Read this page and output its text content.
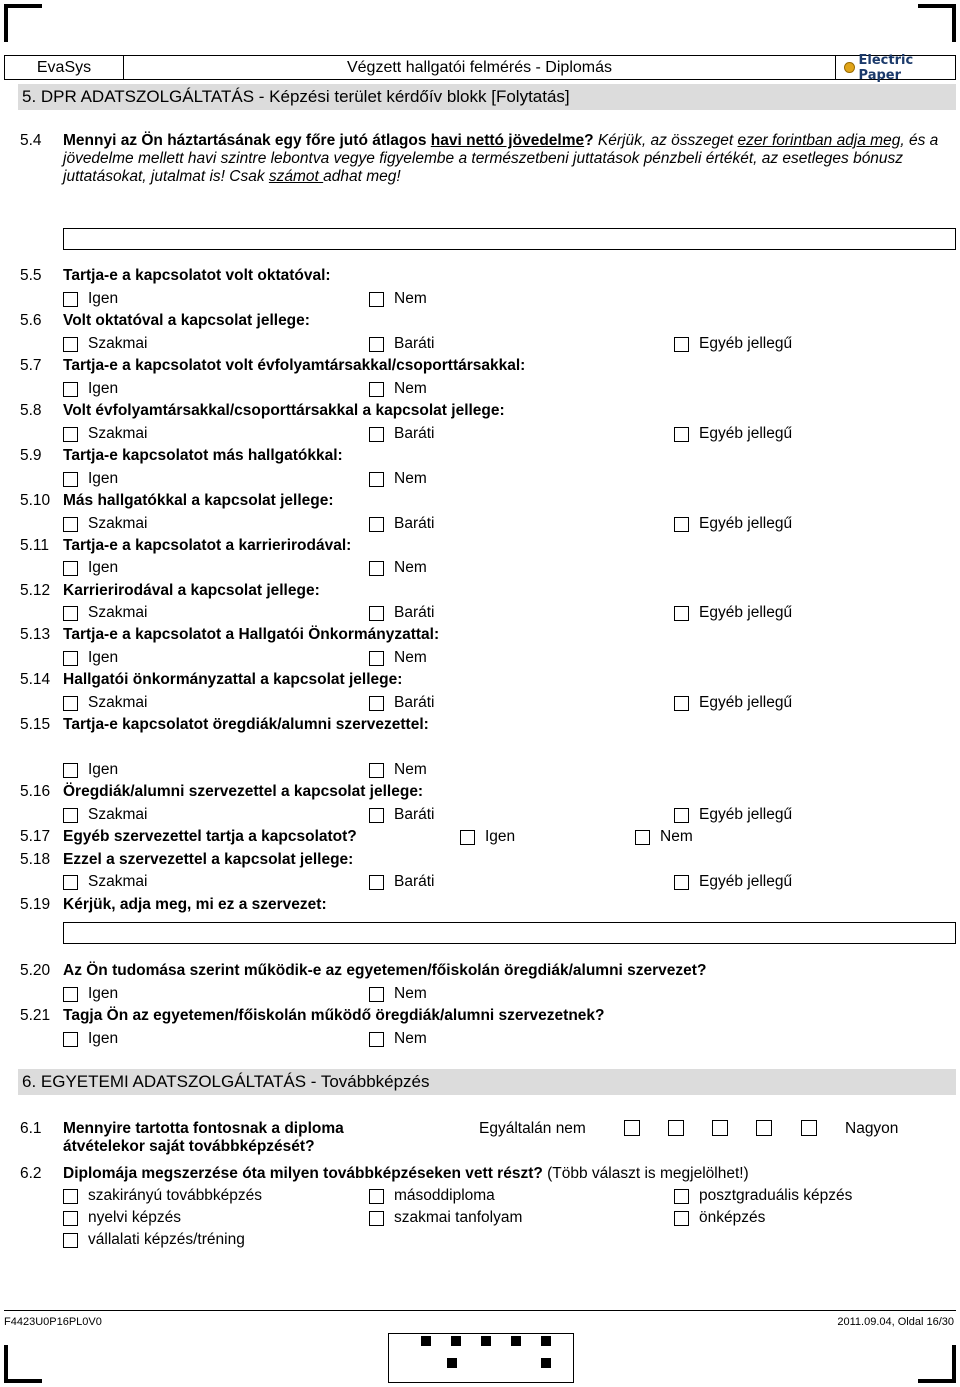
EvaSys	Végzett hallgatói felmérés - Diplomás	Electric Paper
5. DPR ADATSZOLGÁLTATÁS - Képzési terület kérdőív blokk [Folytatás]
5.4 Mennyi az Ön háztartásának egy főre jutó átlagos havi nettó jövedelme? Kérjük, az összeget ezer forintban adja meg, és a jövedelme mellett havi szintre lebontva vegye figyelembe a természetbeni juttatások pénzbeli értékét, az esetleges bónusz juttatásokat, jutalmat is! Csak számot adhat meg!
5.5 Tartja-e a kapcsolatot volt oktatóval:
Igen	Nem
5.6 Volt oktatóval a kapcsolat jellege:
Szakmai	Baráti	Egyéb jellegű
5.7 Tartja-e a kapcsolatot volt évfolyamtársakkal/csoporttársakkal:
Igen	Nem
5.8 Volt évfolyamtársakkal/csoporttársakkal a kapcsolat jellege:
Szakmai	Baráti	Egyéb jellegű
5.9 Tartja-e kapcsolatot más hallgatókkal:
Igen	Nem
5.10 Más hallgatókkal a kapcsolat jellege:
Szakmai	Baráti	Egyéb jellegű
5.11 Tartja-e a kapcsolatot a karrierirodával:
Igen	Nem
5.12 Karrierirodával a kapcsolat jellege:
Szakmai	Baráti	Egyéb jellegű
5.13 Tartja-e a kapcsolatot a Hallgatói Önkormányzattal:
Igen	Nem
5.14 Hallgatói önkormányzattal a kapcsolat jellege:
Szakmai	Baráti	Egyéb jellegű
5.15 Tartja-e kapcsolatot öregdiák/alumni szervezettel:
Igen	Nem
5.16 Öregdiák/alumni szervezettel a kapcsolat jellege:
Szakmai	Baráti	Egyéb jellegű
5.17 Egyéb szervezettel tartja a kapcsolatot?	Igen	Nem
5.18 Ezzel a szervezettel a kapcsolat jellege:
Szakmai	Baráti	Egyéb jellegű
5.19 Kérjük, adja meg, mi ez a szervezet:
5.20 Az Ön tudomása szerint működik-e az egyetemen/főiskolán öregdiák/alumni szervezet?
Igen	Nem
5.21 Tagja Ön az egyetemen/főiskolán működő öregdiák/alumni szervezetnek?
Igen	Nem
6. EGYETEMI ADATSZOLGÁLTATÁS - Továbbképzés
6.1 Mennyire tartotta fontosnak a diploma átvételekor saját továbbképzését?
Egyáltalán nem	Nagyon
6.2 Diplomája megszerzése óta milyen továbbképzéseken vett részt? (Több választ is megjelölhet!)
szakirányú továbbképzés	másoddiploma	posztgraduális képzés
nyelvi képzés	szakmai tanfolyam	önképzés
vállalati képzés/tréning
F4423U0P16PL0V0	2011.09.04, Oldal 16/30
